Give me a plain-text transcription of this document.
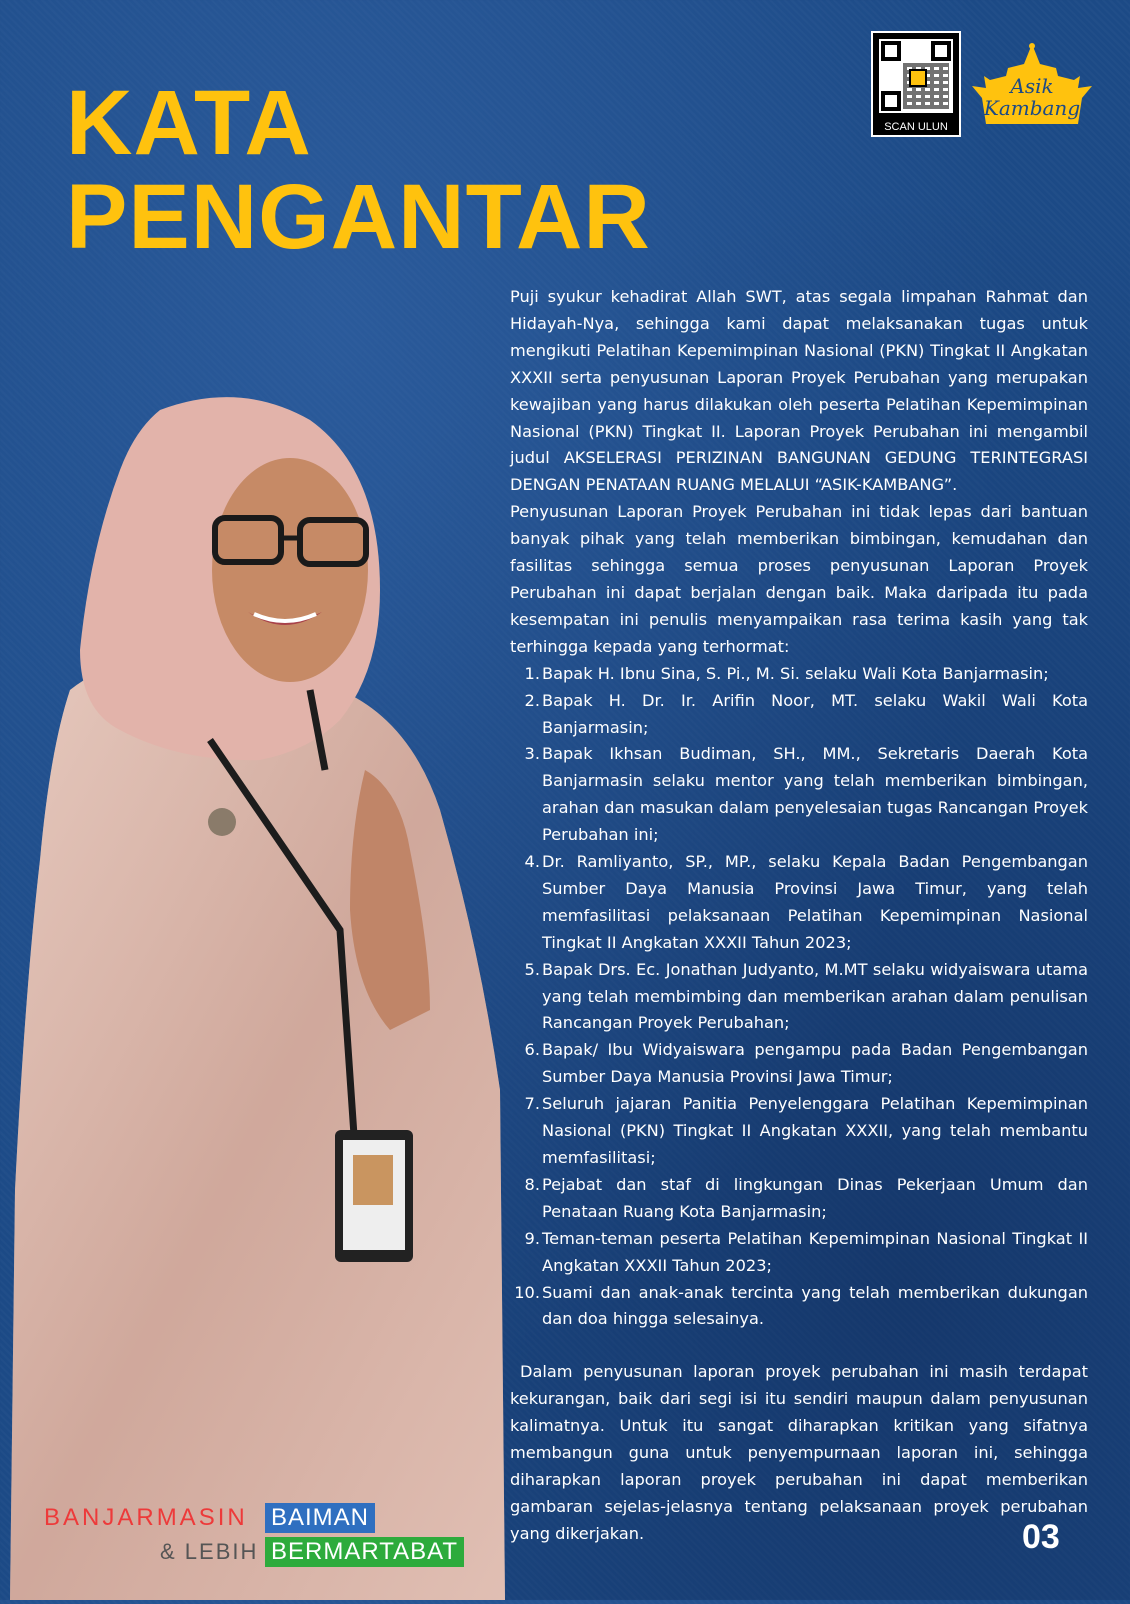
KATA
PENGANTAR
SCAN ULUN
Asik
Kambang

Puji syukur kehadirat Allah SWT, atas segala limpahan Rahmat dan Hidayah-Nya, sehingga kami dapat melaksanakan tugas untuk mengikuti Pelatihan Kepemimpinan Nasional (PKN) Tingkat II Angkatan XXXII serta penyusunan Laporan Proyek Perubahan yang merupakan kewajiban yang harus dilakukan oleh peserta Pelatihan Kepemimpinan Nasional (PKN) Tingkat II. Laporan Proyek Perubahan ini mengambil judul AKSELERASI PERIZINAN BANGUNAN GEDUNG TERINTEGRASI DENGAN PENATAAN RUANG MELALUI “ASIK-KAMBANG”.

Penyusunan Laporan Proyek Perubahan ini tidak lepas dari bantuan banyak pihak yang telah memberikan bimbingan, kemudahan dan fasilitas sehingga semua proses penyusunan Laporan Proyek Perubahan ini dapat berjalan dengan baik. Maka daripada itu pada kesempatan ini penulis menyampaikan rasa terima kasih yang tak terhingga kepada yang terhormat:

1. Bapak H. Ibnu Sina, S. Pi., M. Si. selaku Wali Kota Banjarmasin;
2. Bapak H. Dr. Ir. Arifin Noor, MT. selaku Wakil Wali Kota Banjarmasin;
3. Bapak Ikhsan Budiman, SH., MM., Sekretaris Daerah Kota Banjarmasin selaku mentor yang telah memberikan bimbingan, arahan dan masukan dalam penyelesaian tugas Rancangan Proyek Perubahan ini;
4. Dr. Ramliyanto, SP., MP., selaku Kepala Badan Pengembangan Sumber Daya Manusia Provinsi Jawa Timur, yang telah memfasilitasi pelaksanaan Pelatihan Kepemimpinan Nasional Tingkat II Angkatan XXXII Tahun 2023;
5. Bapak Drs. Ec. Jonathan Judyanto, M.MT selaku widyaiswara utama yang telah membimbing dan memberikan arahan dalam penulisan Rancangan Proyek Perubahan;
6. Bapak/ Ibu Widyaiswara pengampu pada Badan Pengembangan Sumber Daya Manusia Provinsi Jawa Timur;
7. Seluruh jajaran Panitia Penyelenggara Pelatihan Kepemimpinan Nasional (PKN) Tingkat II Angkatan XXXII, yang telah membantu memfasilitasi;
8. Pejabat dan staf di lingkungan Dinas Pekerjaan Umum dan Penataan Ruang Kota Banjarmasin;
9. Teman-teman peserta Pelatihan Kepemimpinan Nasional Tingkat II Angkatan XXXII Tahun 2023;
10. Suami dan anak-anak tercinta yang telah memberikan dukungan dan doa hingga selesainya.

Dalam penyusunan laporan proyek perubahan ini masih terdapat kekurangan, baik dari segi isi itu sendiri maupun dalam penyusunan kalimatnya. Untuk itu sangat diharapkan kritikan yang sifatnya membangun guna untuk penyempurnaan laporan ini, sehingga diharapkan laporan proyek perubahan ini dapat memberikan gambaran sejelas-jelasnya tentang pelaksanaan proyek perubahan yang dikerjakan.

BANJARMASIN BAIMAN
& LEBIH BERMARTABAT	03
